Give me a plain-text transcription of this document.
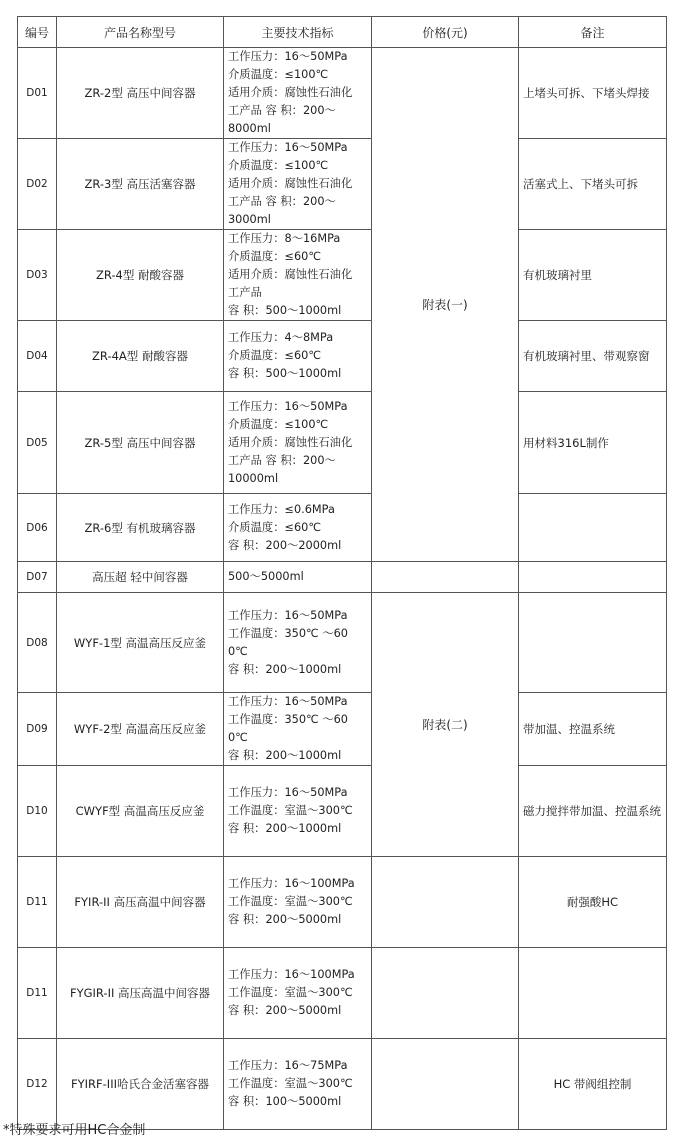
编号	产品名称型号	主要技术指标	价格(元)	备注
D01	ZR-2型 高压中间容器	工作压力：16～50MPa
介质温度：≤100℃
适用介质：腐蚀性石油化
工产品 容 积：200～
8000ml	附表(一)	上堵头可拆、下堵头焊接
D02	ZR-3型 高压活塞容器	工作压力：16～50MPa
介质温度：≤100℃
适用介质：腐蚀性石油化
工产品 容 积：200～
3000ml		活塞式上、下堵头可拆
D03	ZR-4型 耐酸容器	工作压力：8～16MPa
介质温度：≤60℃
适用介质：腐蚀性石油化
工产品
容 积：500～1000ml		有机玻璃衬里
D04	ZR-4A型 耐酸容器	工作压力：4～8MPa
介质温度：≤60℃
容 积：500～1000ml		有机玻璃衬里、带观察窗
D05	ZR-5型 高压中间容器	工作压力：16～50MPa
介质温度：≤100℃
适用介质：腐蚀性石油化
工产品 容 积：200～
10000ml		用材料316L制作
D06	ZR-6型 有机玻璃容器	工作压力：≤0.6MPa
介质温度：≤60℃
容 积：200～2000ml		

D07	高压超 轻中间容器	500～5000ml		

D08	WYF-1型 高温高压反应釜	工作压力：16～50MPa
工作温度：350℃ ～600℃
容 积：200～1000ml	附表(二)	
D09	WYF-2型 高温高压反应釜	工作压力：16～50MPa
工作温度：350℃ ～600℃
容 积：200～1000ml		带加温、控温系统
D10	CWYF型 高温高压反应釜	工作压力：16～50MPa
工作温度：室温～300℃
容 积：200～1000ml		磁力搅拌带加温、控温系统
D11	FYIR-II 高压高温中间容器	工作压力：16～100MPa
工作温度：室温～300℃
容 积：200～5000ml		耐强酸HC
D11	FYGIR-II 高压高温中间容器	工作压力：16～100MPa
工作温度：室温～300℃
容 积：200～5000ml		

D12	FYIRF-III哈氏合金活塞容器	工作压力：16～75MPa
工作温度：室温～300℃
容 积：100～5000ml		HC 带阀组控制
*特殊要求可用HC合金制
